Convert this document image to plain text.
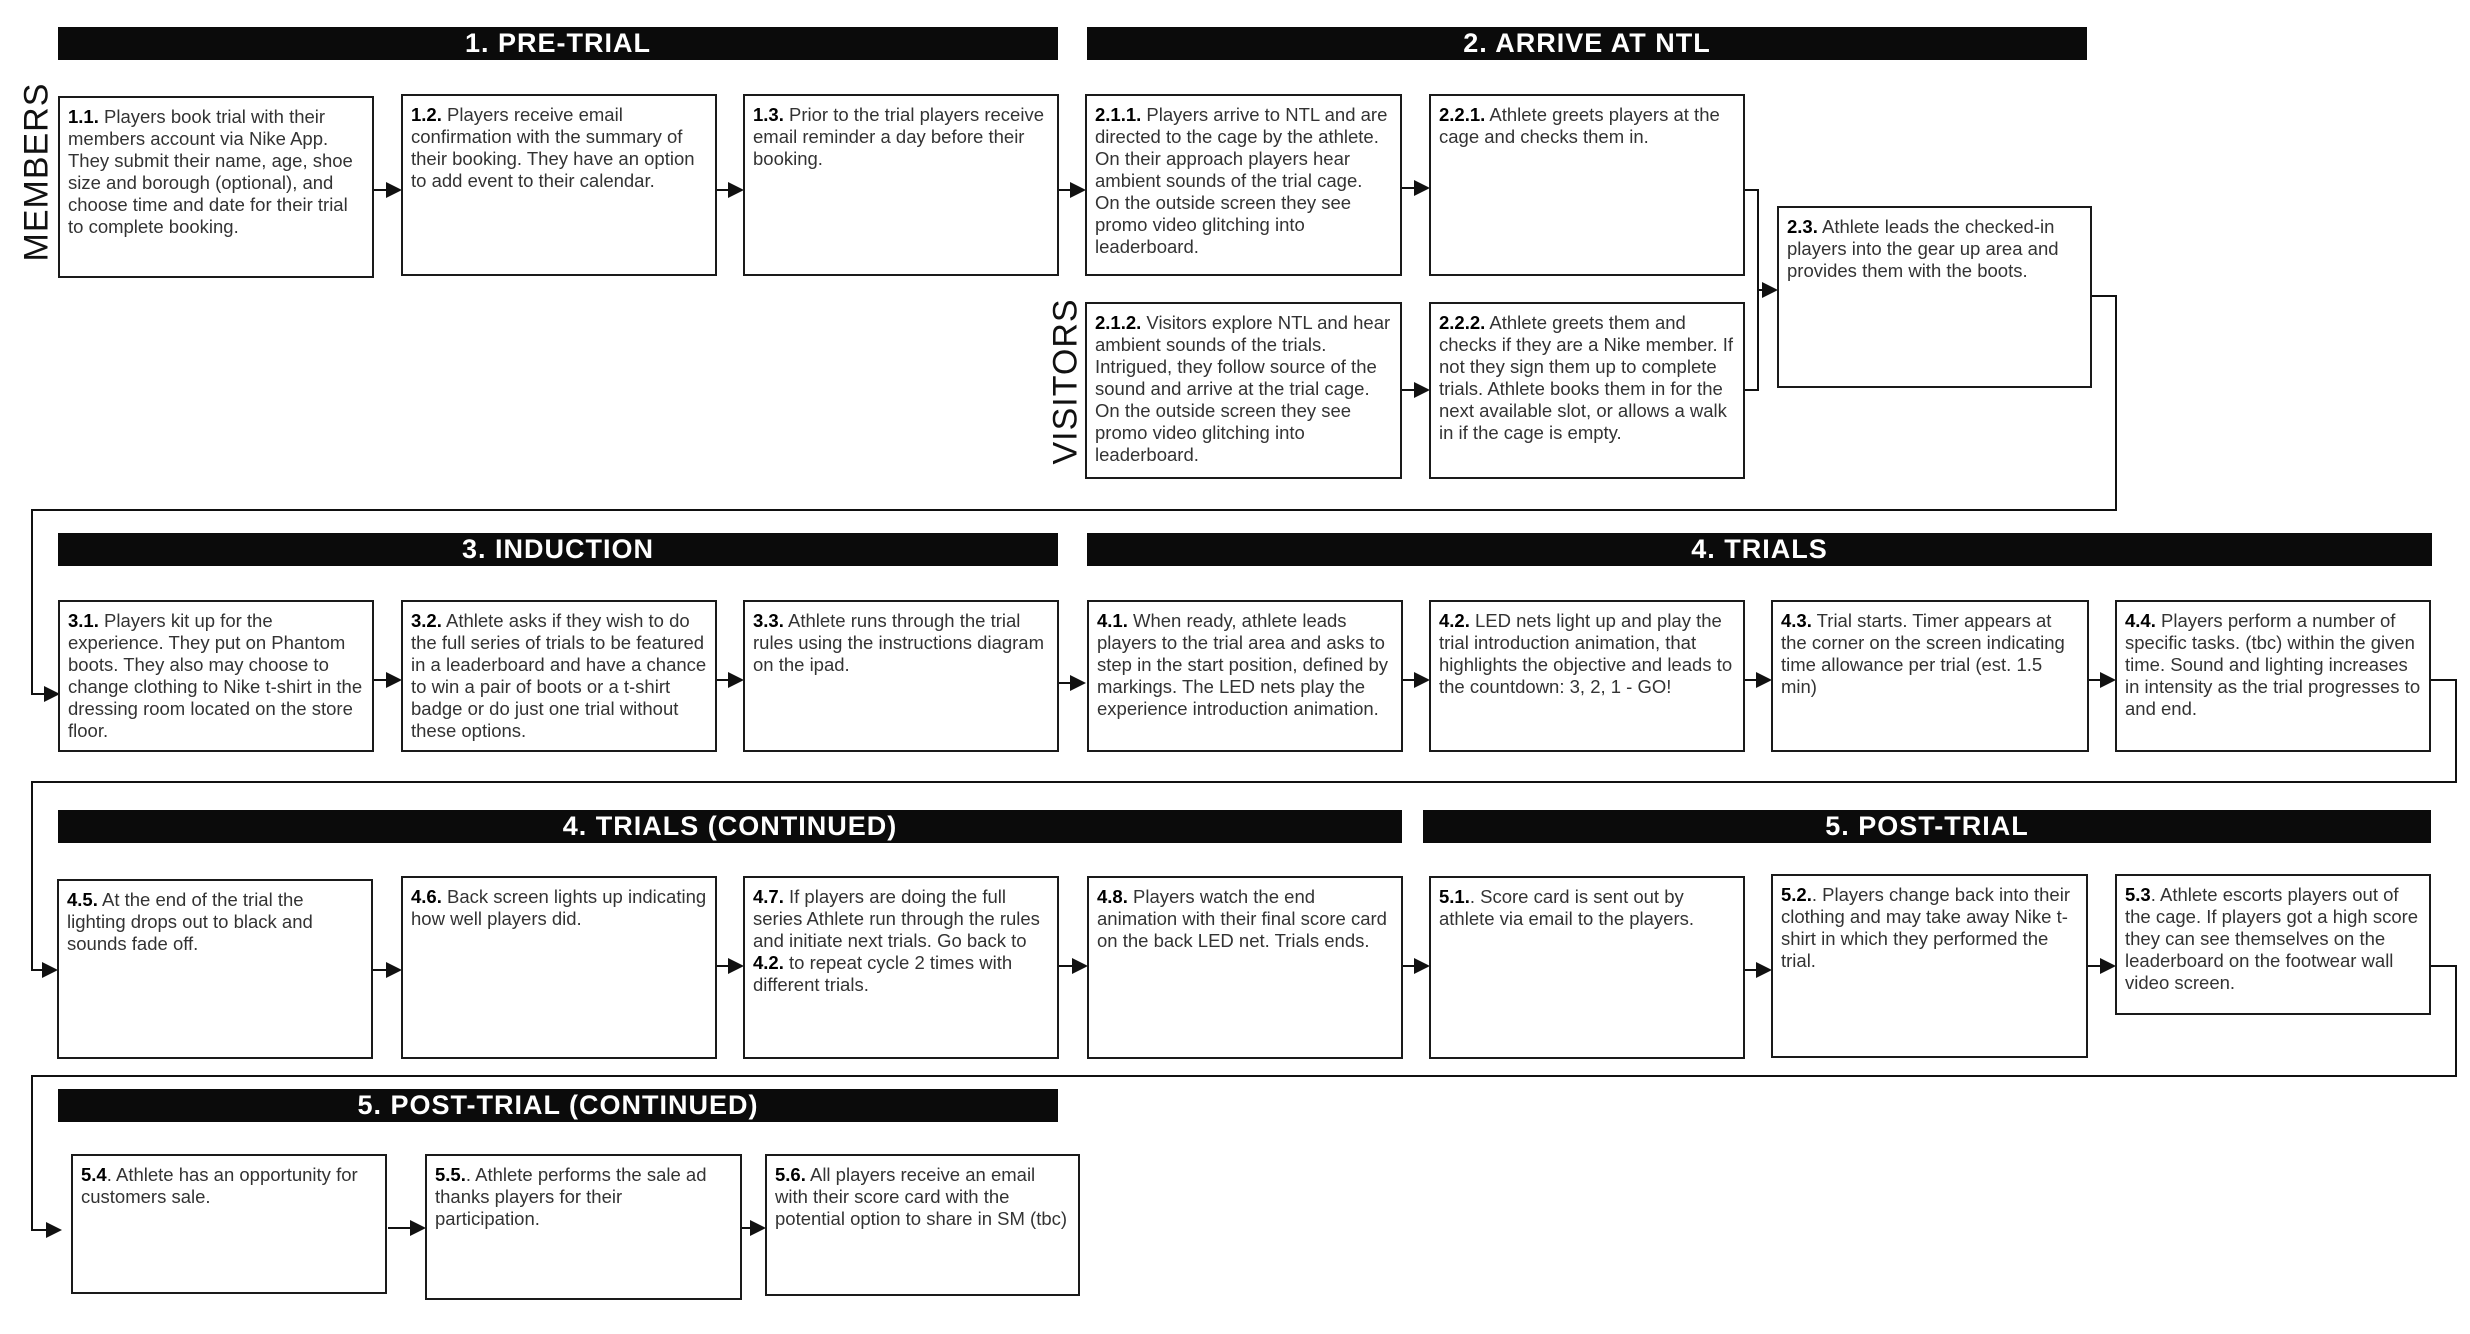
1. PRE-TRIAL	2. ARRIVE AT NTL
3. INDUCTION	4. TRIALS
4. TRIALS (CONTINUED)	5. POST-TRIAL
5. POST-TRIAL (CONTINUED)
MEMBERS
VISITORS
1.1. Players book trial with their members account via Nike App. They submit their name, age, shoe size and borough (optional), and choose time and date for their trial to complete booking.
1.2. Players receive email confirmation with the summary of their booking. They have an option to add event to their calendar.
1.3. Prior to the trial players receive email reminder a day before their booking.
2.1.1. Players arrive to NTL and are directed to the cage by the athlete. On their approach players hear ambient sounds of the trial cage. On the outside screen they see promo video glitching into leaderboard.
2.2.1. Athlete greets players at the cage and checks them in.
2.3. Athlete leads the checked-in players into the gear up area and provides them with the boots.
2.1.2. Visitors explore NTL and hear ambient sounds of the trials. Intrigued, they follow source of the sound and arrive at the trial cage. On the outside screen they see promo video glitching into leaderboard.
2.2.2. Athlete greets them and checks if they are a Nike member. If not they sign them up to complete trials. Athlete books them in for the next available slot, or allows a walk in if the cage is empty.
3.1. Players kit up for the experience. They put on Phantom boots. They also may choose to change clothing to Nike t-shirt in the dressing room located on the store floor.
3.2. Athlete asks if they wish to do the full series of trials to be featured in a leaderboard and have a chance to win a pair of boots or a t-shirt badge or do just one trial without these options.
3.3. Athlete runs through the trial rules using the instructions diagram on the ipad.
4.1. When ready, athlete leads players to the trial area and asks to step in the start position, defined by markings. The LED nets play the experience introduction animation.
4.2. LED nets light up and play the trial introduction animation, that highlights the objective and leads to the countdown: 3, 2, 1 - GO!
4.3. Trial starts. Timer appears at the corner on the screen indicating time allowance per trial (est. 1.5 min)
4.4. Players perform a number of specific tasks. (tbc) within the given time. Sound and lighting increases in intensity as the trial progresses to and end.
4.5. At the end of the trial the lighting drops out to black and sounds fade off.
4.6. Back screen lights up indicating how well players did.
4.7. If players are doing the full series Athlete run through the rules and initiate next trials. Go back to 4.2. to repeat cycle 2 times with different trials.
4.8. Players watch the end animation with their final score card on the back LED net. Trials ends.
5.1.. Score card is sent out by athlete via email to the players.
5.2.. Players change back into their clothing and may take away Nike t-shirt in which they performed the trial.
5.3. Athlete escorts players out of the cage. If players got a high score they can see themselves on the leaderboard on the footwear wall video screen.
5.4. Athlete has an opportunity for customers sale.
5.5.. Athlete performs the sale ad thanks players for their participation.
5.6. All players receive an email with their score card with the potential option to share in SM (tbc)
